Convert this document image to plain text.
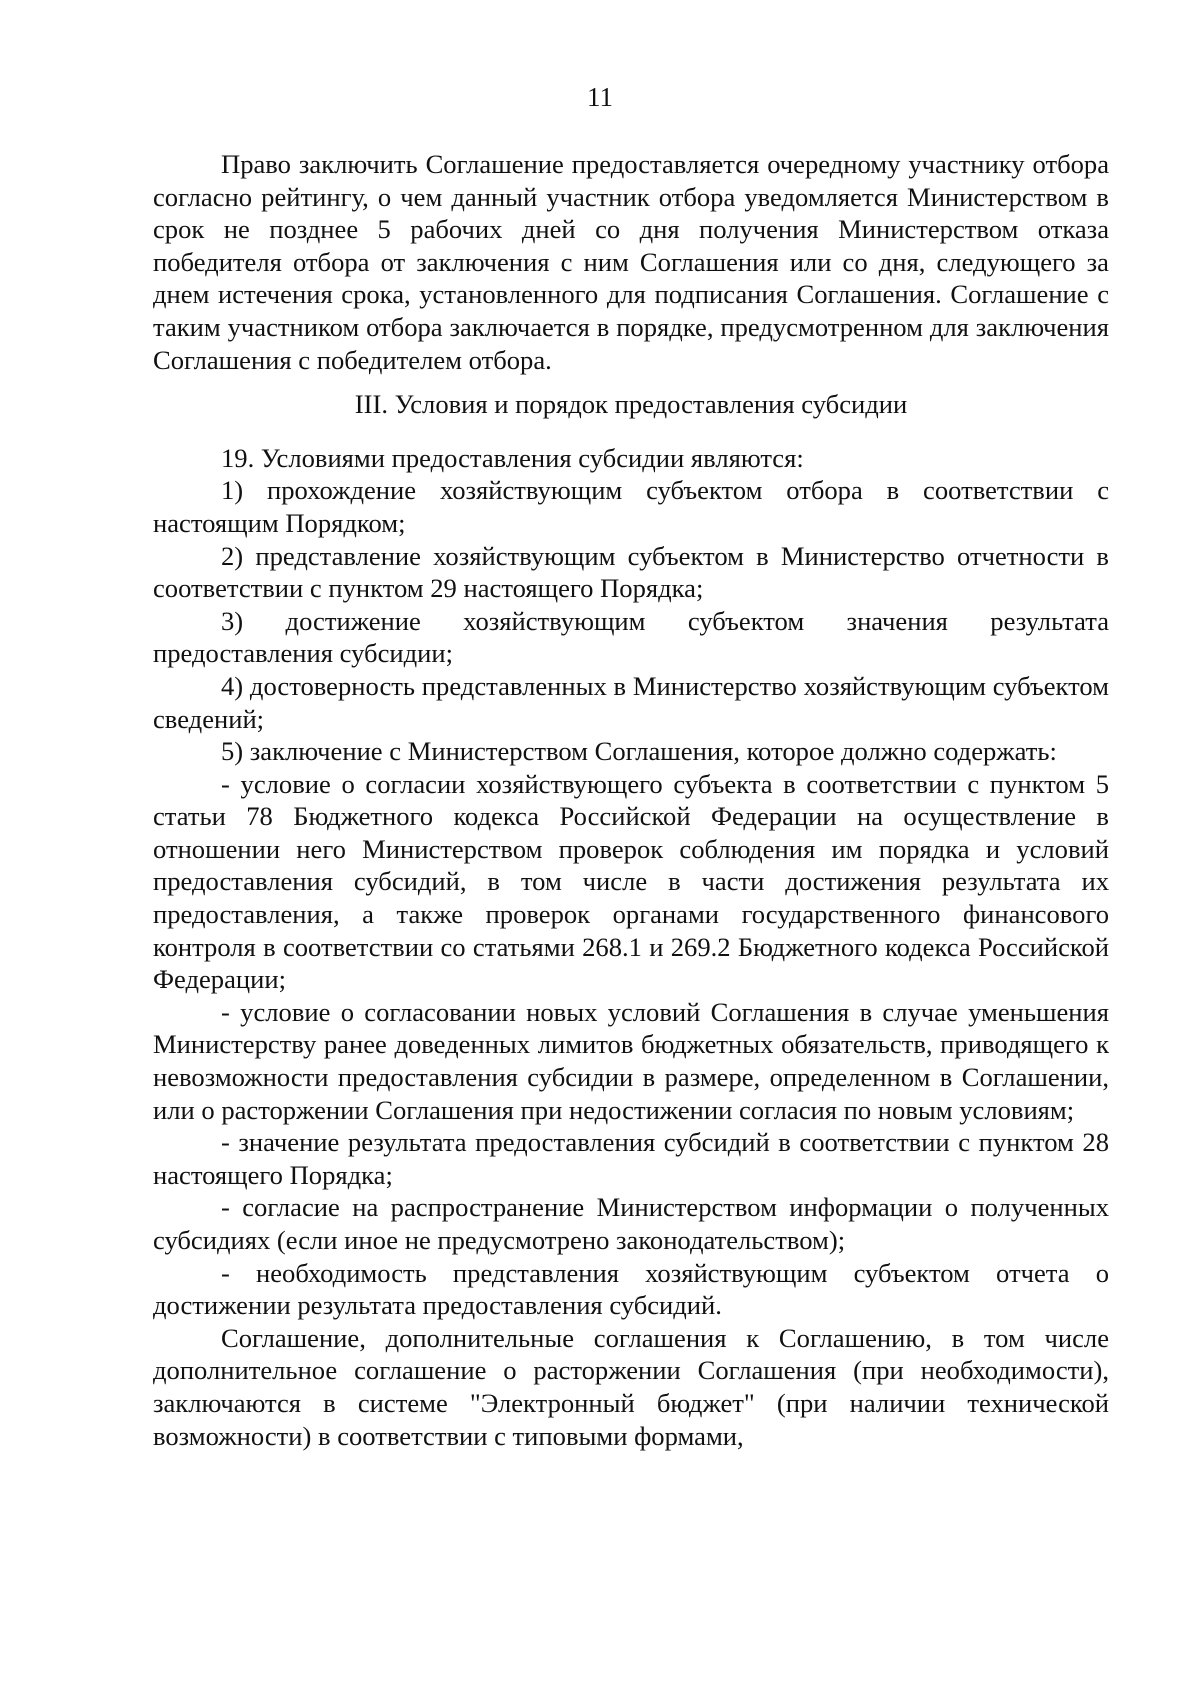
11

Право заключить Соглашение предоставляется очередному участнику отбора согласно рейтингу, о чем данный участник отбора уведомляется Министерством в срок не позднее 5 рабочих дней со дня получения Министерством отказа победителя отбора от заключения с ним Соглашения или со дня, следующего за днем истечения срока, установленного для подписания Соглашения. Соглашение с таким участником отбора заключается в порядке, предусмотренном для заключения Соглашения с победителем отбора.

III. Условия и порядок предоставления субсидии

19. Условиями предоставления субсидии являются:

1) прохождение хозяйствующим субъектом отбора в соответствии с настоящим Порядком;

2) представление хозяйствующим субъектом в Министерство отчетности в соответствии с пунктом 29 настоящего Порядка;

3) достижение хозяйствующим субъектом значения результата предоставления субсидии;

4) достоверность представленных в Министерство хозяйствующим субъектом сведений;

5) заключение с Министерством Соглашения, которое должно содержать:

- условие о согласии хозяйствующего субъекта в соответствии с пунктом 5 статьи 78 Бюджетного кодекса Российской Федерации на осуществление в отношении него Министерством проверок соблюдения им порядка и условий предоставления субсидий, в том числе в части достижения результата их предоставления, а также проверок органами государственного финансового контроля в соответствии со статьями 268.1 и 269.2 Бюджетного кодекса Российской Федерации;

- условие о согласовании новых условий Соглашения в случае уменьшения Министерству ранее доведенных лимитов бюджетных обязательств, приводящего к невозможности предоставления субсидии в размере, определенном в Соглашении, или о расторжении Соглашения при недостижении согласия по новым условиям;

- значение результата предоставления субсидий в соответствии с пунктом 28 настоящего Порядка;

- согласие на распространение Министерством информации о полученных субсидиях (если иное не предусмотрено законодательством);

- необходимость представления хозяйствующим субъектом отчета о достижении результата предоставления субсидий.

Соглашение, дополнительные соглашения к Соглашению, в том числе дополнительное соглашение о расторжении Соглашения (при необходимости), заключаются в системе "Электронный бюджет" (при наличии технической возможности) в соответствии с типовыми формами,
